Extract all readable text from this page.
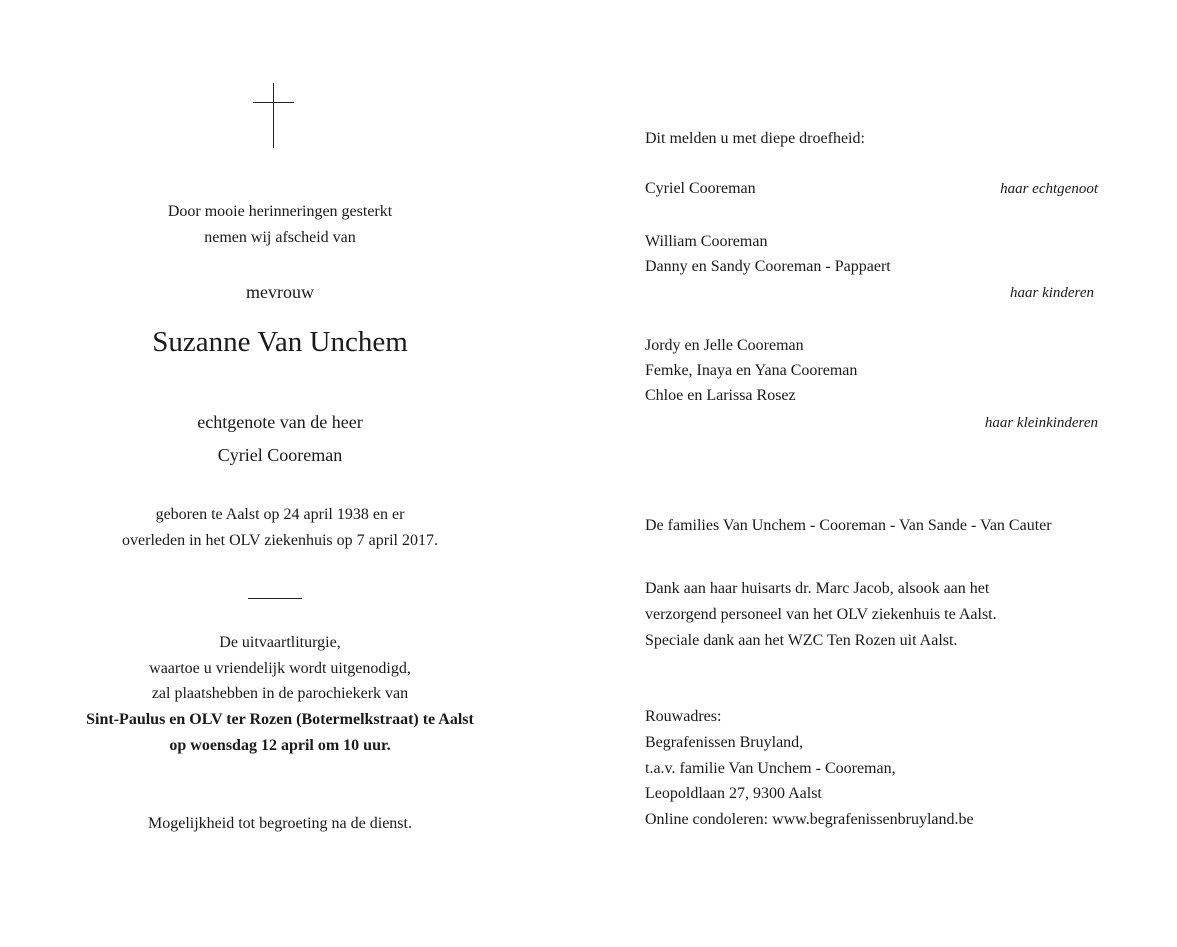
Door mooie herinneringen gesterkt
nemen wij afscheid van
mevrouw
Suzanne Van Unchem
echtgenote van de heer
Cyriel Cooreman
geboren te Aalst op 24 april 1938 en er
overleden in het OLV ziekenhuis op 7 april 2017.
De uitvaartliturgie,
waartoe u vriendelijk wordt uitgenodigd,
zal plaatshebben in de parochiekerk van
Sint-Paulus en OLV ter Rozen (Botermelkstraat) te Aalst
op woensdag 12 april om 10 uur.
Mogelijkheid tot begroeting na de dienst.
Dit melden u met diepe droefheid:
Cyriel Cooreman	haar echtgenoot
William Cooreman
Danny en Sandy Cooreman - Pappaert
haar kinderen
Jordy en Jelle Cooreman
Femke, Inaya en Yana Cooreman
Chloe en Larissa Rosez
haar kleinkinderen
De families Van Unchem - Cooreman - Van Sande - Van Cauter
Dank aan haar huisarts dr. Marc Jacob, alsook aan het
verzorgend personeel van het OLV ziekenhuis te Aalst.
Speciale dank aan het WZC Ten Rozen uit Aalst.
Rouwadres:
Begrafenissen Bruyland,
t.a.v. familie Van Unchem - Cooreman,
Leopoldlaan 27, 9300 Aalst
Online condoleren: www.begrafenissenbruyland.be
